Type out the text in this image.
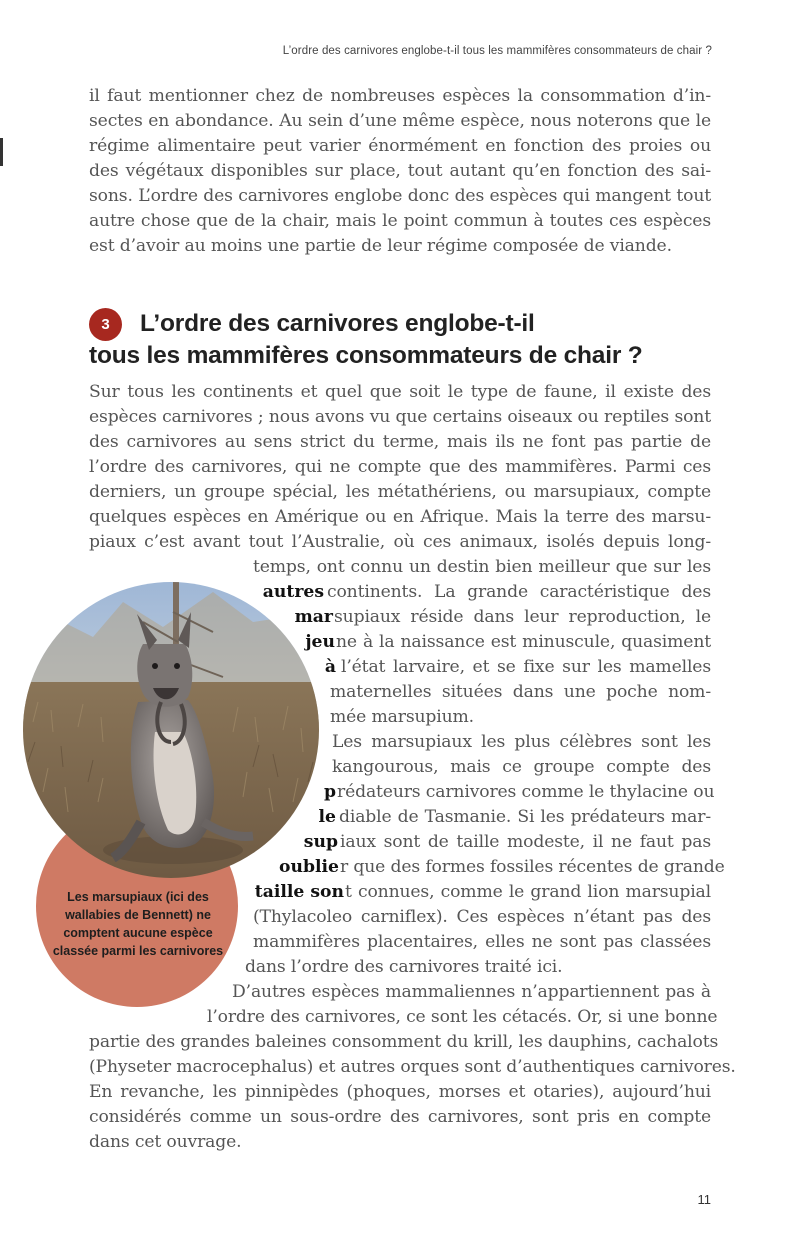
L’ordre des carnivores englobe-t-il tous les mammifères consommateurs de chair ?
il faut mentionner chez de nombreuses espèces la consommation d’in-
sectes en abondance. Au sein d’une même espèce, nous noterons que le
régime alimentaire peut varier énormément en fonction des proies ou
des végétaux disponibles sur place, tout autant qu’en fonction des sai-
sons. L’ordre des carnivores englobe donc des espèces qui mangent tout
autre chose que de la chair, mais le point commun à toutes ces espèces
est d’avoir au moins une partie de leur régime composée de viande.
3	L’ordre des carnivores englobe-t-il
tous les mammifères consommateurs de chair ?
Sur tous les continents et quel que soit le type de faune, il existe des
espèces carnivores ; nous avons vu que certains oiseaux ou reptiles sont
des carnivores au sens strict du terme, mais ils ne font pas partie de
l’ordre des carnivores, qui ne compte que des mammifères. Parmi ces
derniers, un groupe spécial, les métathériens, ou marsupiaux, compte
quelques espèces en Amérique ou en Afrique. Mais la terre des marsu-
piaux c’est avant tout l’Australie, où ces animaux, isolés depuis long-
temps, ont connu un destin bien meilleur que sur les
continents. La grande caractéristique des
supiaux réside dans leur reproduction, le
ne à la naissance est minuscule, quasiment
l’état larvaire, et se fixe sur les mamelles
maternelles situées dans une poche nom-
mée marsupium.
Les marsupiaux les plus célèbres sont les
kangourous, mais ce groupe compte des
rédateurs carnivores comme le thylacine ou
diable de Tasmanie. Si les prédateurs mar-
iaux sont de taille modeste, il ne faut pas
r que des formes fossiles récentes de grande
t connues, comme le grand lion marsupial
(Thylacoleo carniflex). Ces espèces n’étant pas des
mammifères placentaires, elles ne sont pas classées
dans l’ordre des carnivores traité ici.
D’autres espèces mammaliennes n’appartiennent pas à
l’ordre des carnivores, ce sont les cétacés. Or, si une bonne
autres
mar
jeu
à
p
le
sup
oublie
taille son
Les marsupiaux (ici des wallabies de Bennett) ne comptent aucune espèce classée parmi les carnivores
partie des grandes baleines consomment du krill, les dauphins, cachalots
(Physeter macrocephalus) et autres orques sont d’authentiques carnivores.
En revanche, les pinnipèdes (phoques, morses et otaries), aujourd’hui
considérés comme un sous-ordre des carnivores, sont pris en compte
dans cet ouvrage.
11
